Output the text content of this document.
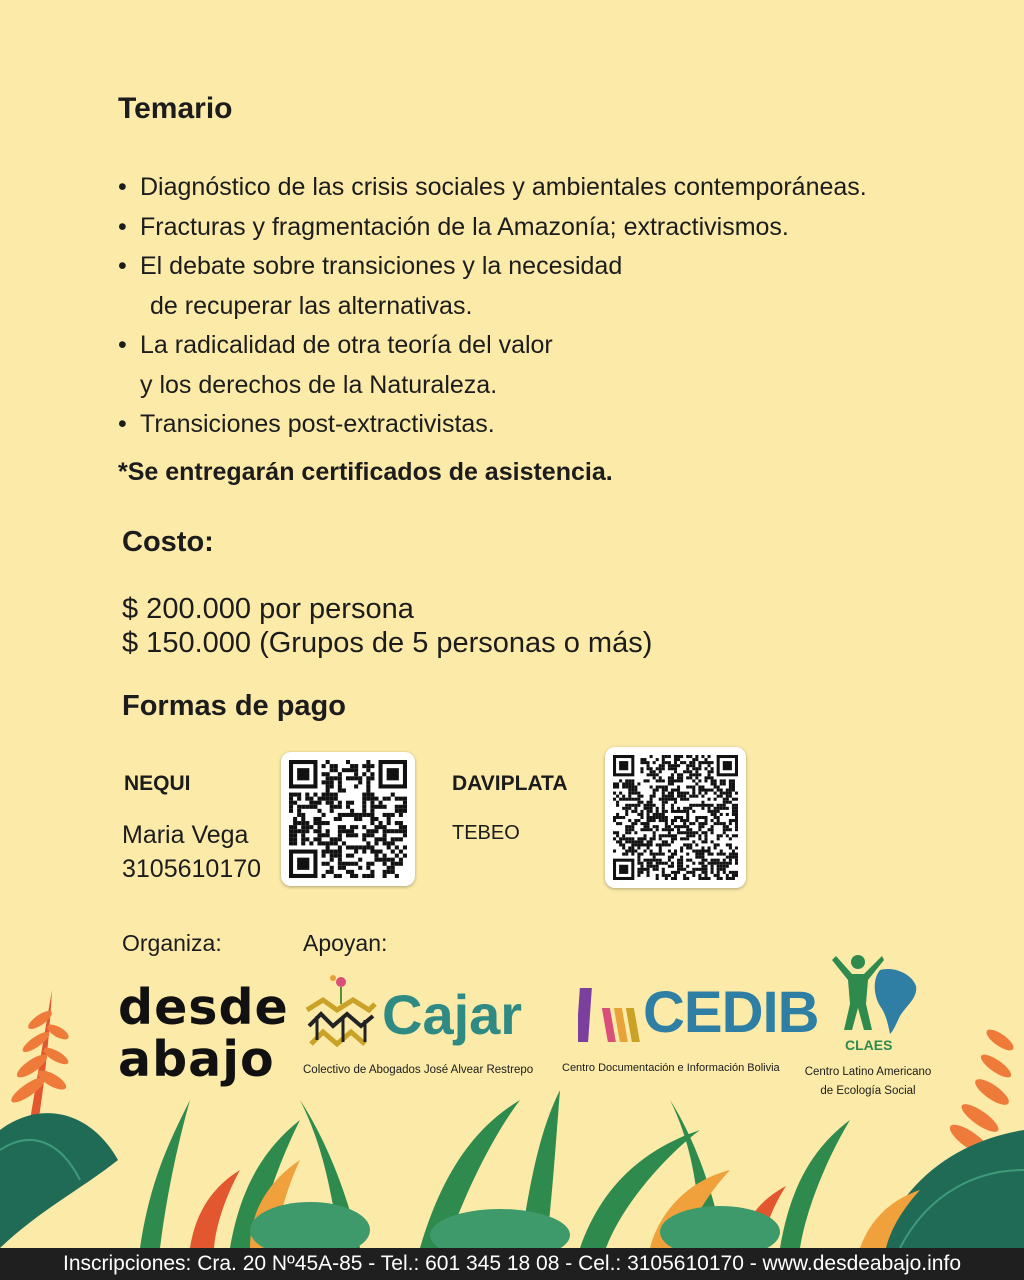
Temario
• Diagnóstico de las crisis sociales y ambientales contemporáneas.
• Fracturas y fragmentación de la Amazonía; extractivismos.
• El debate sobre transiciones y la necesidad
de recuperar las alternativas.
• La radicalidad de otra teoría del valor
y los derechos de la Naturaleza.
• Transiciones post-extractivistas.
*Se entregarán certificados de asistencia.
Costo:
$ 200.000 por persona
$ 150.000 (Grupos de 5 personas o más)
Formas de pago
NEQUI
Maria Vega
3105610170
DAVIPLATA
TEBEO
Organiza:	Apoyan:
desde
abajo
Cajar
Colectivo de Abogados José Alvear Restrepo
CEDIB
Centro Documentación e Información Bolivia
CLAES
Centro Latino Americano
de Ecología Social
Inscripciones: Cra. 20 Nº45A-85 - Tel.: 601 345 18 08 - Cel.: 3105610170 - www.desdeabajo.info
